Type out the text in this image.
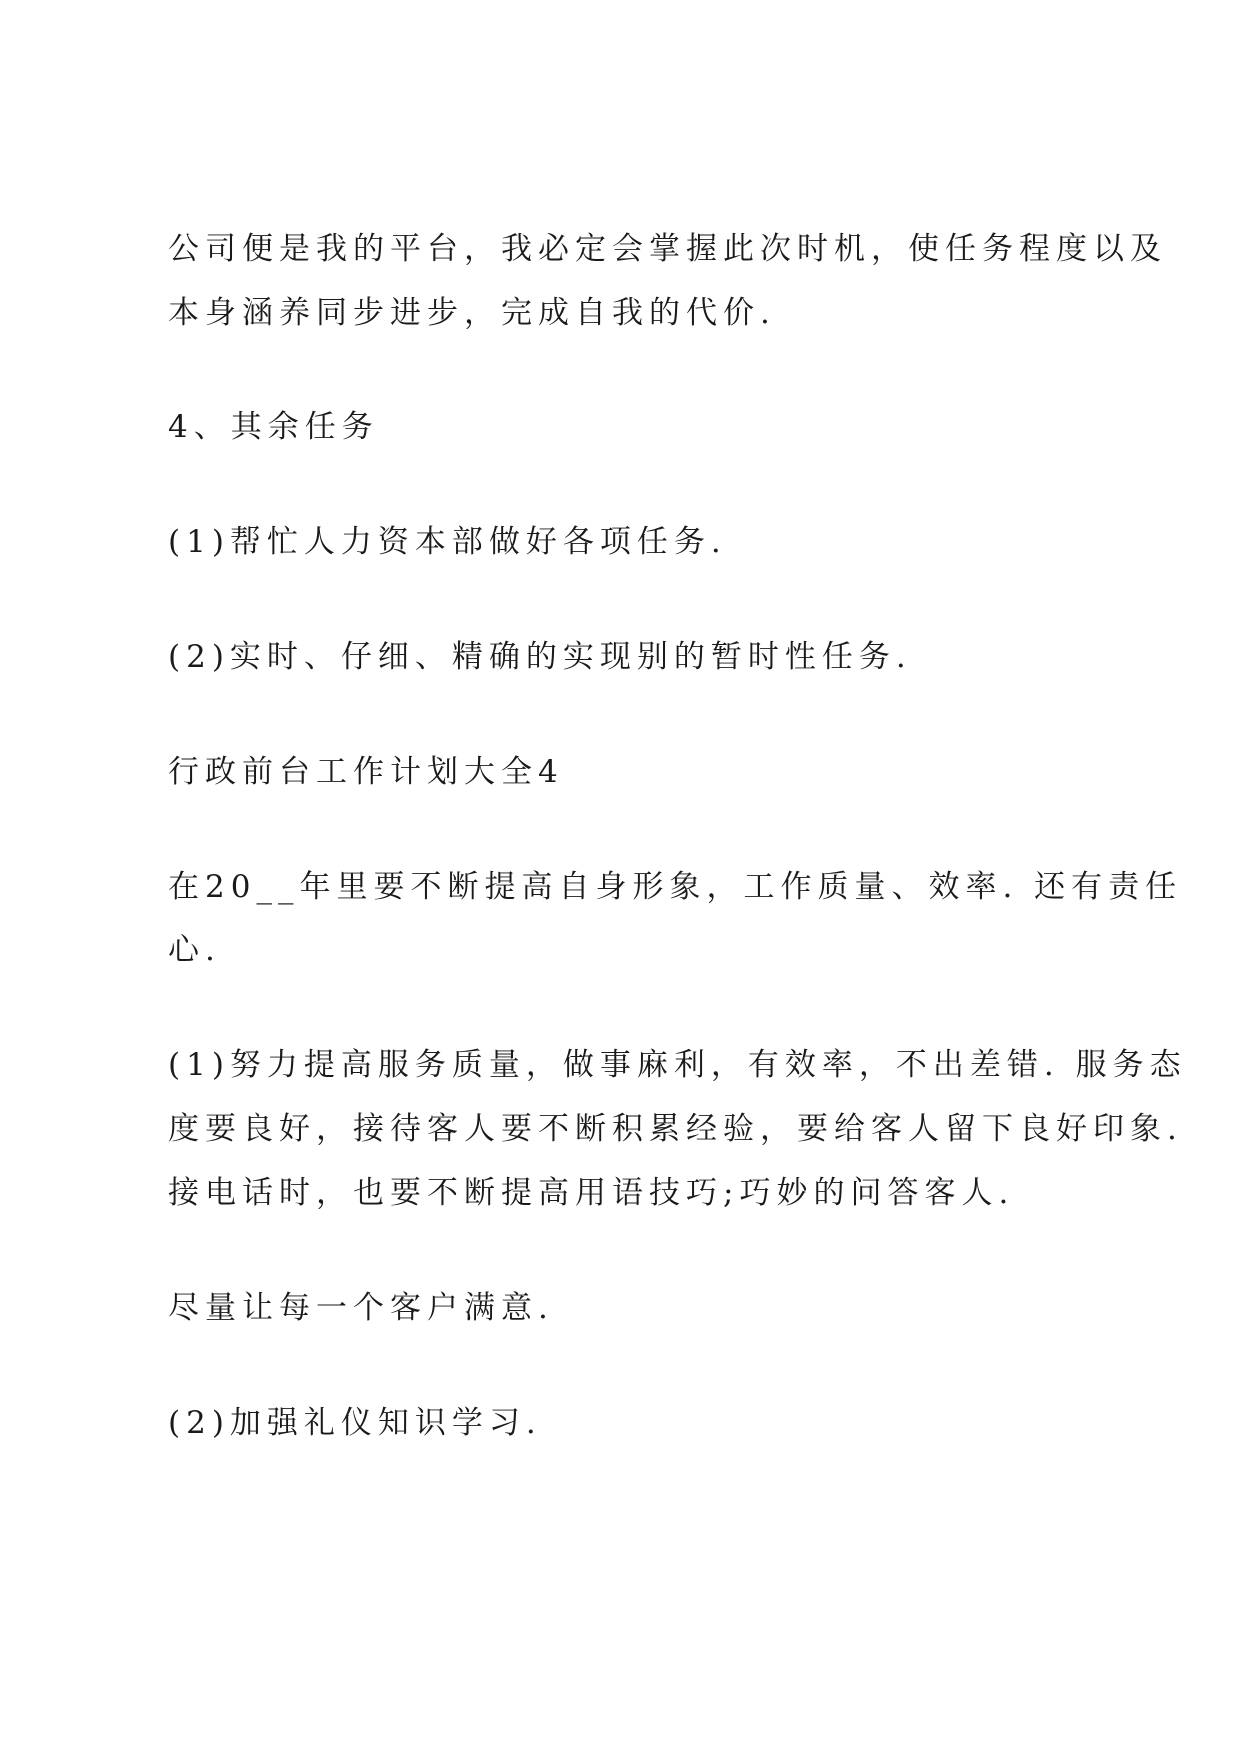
公司便是我的平台，我必定会掌握此次时机，使任务程度以及

本身涵养同步进步，完成自我的代价.

4、其余任务

(1)帮忙人力资本部做好各项任务.

(2)实时、仔细、精确的实现别的暂时性任务.

行政前台工作计划大全4

在20__年里要不断提高自身形象，工作质量、效率. 还有责任

心.

(1)努力提高服务质量，做事麻利，有效率，不出差错. 服务态

度要良好，接待客人要不断积累经验，要给客人留下良好印象.

接电话时，也要不断提高用语技巧;巧妙的问答客人.

尽量让每一个客户满意.

(2)加强礼仪知识学习.
